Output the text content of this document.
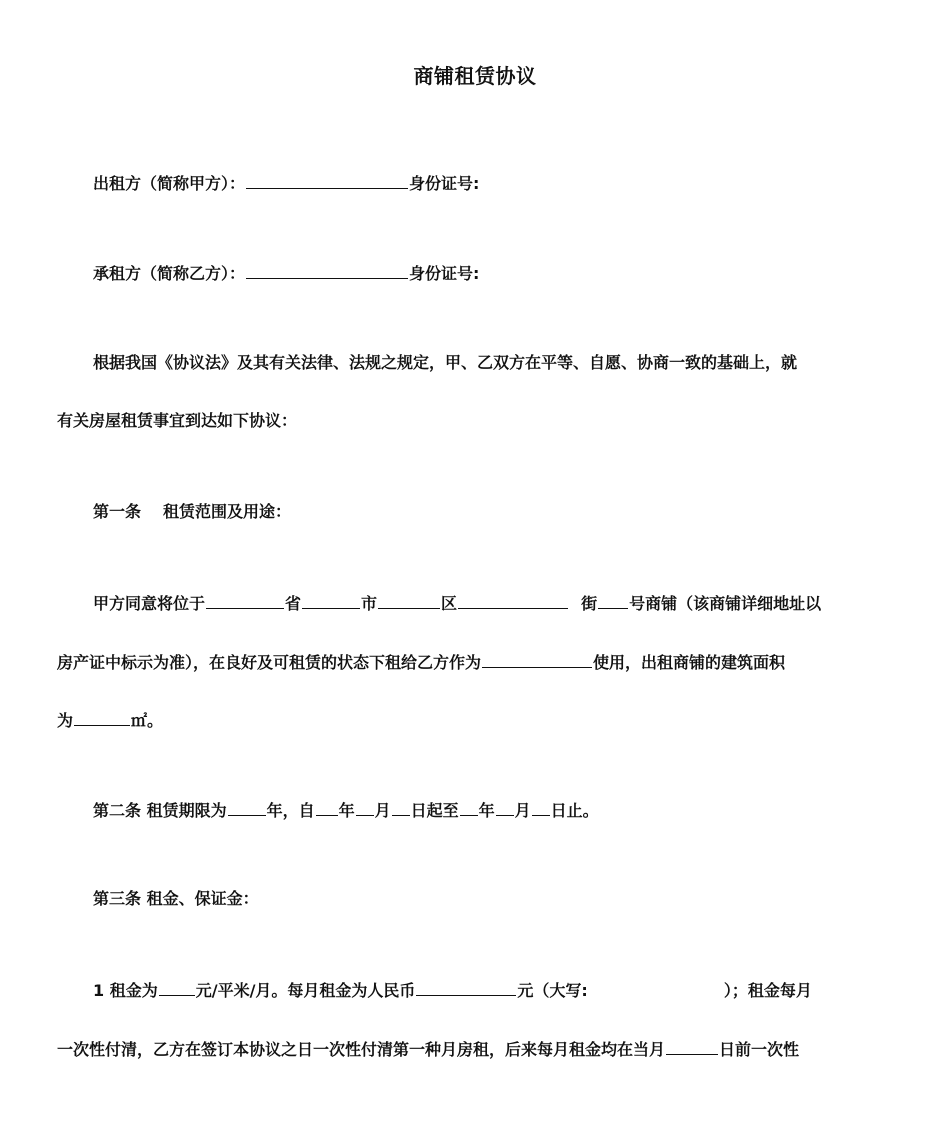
商铺租赁协议
出租方（简称甲方）：	身份证号:
承租方（简称乙方）：	身份证号:
根据我国《协议法》及其有关法律、法规之规定，甲、乙双方在平等、自愿、协商一致的基础上，就
有关房屋租赁事宜到达如下协议：
第一条 租赁范围及用途：
甲方同意将位于	省	市	区	街 号商铺（该商铺详细地址以
房产证中标示为准），在良好及可租赁的状态下租给乙方作为	使用，出租商铺的建筑面积
为	㎡。
第二条 租赁期限为	年，自 年 月 日起至 年 月 日止。
第三条 租金、保证金：
1 租金为 元/平米/月。每月租金为人民币	元（大写:	）；租金每月
一次性付清，乙方在签订本协议之日一次性付清第一种月房租，后来每月租金均在当月	日前一次性
